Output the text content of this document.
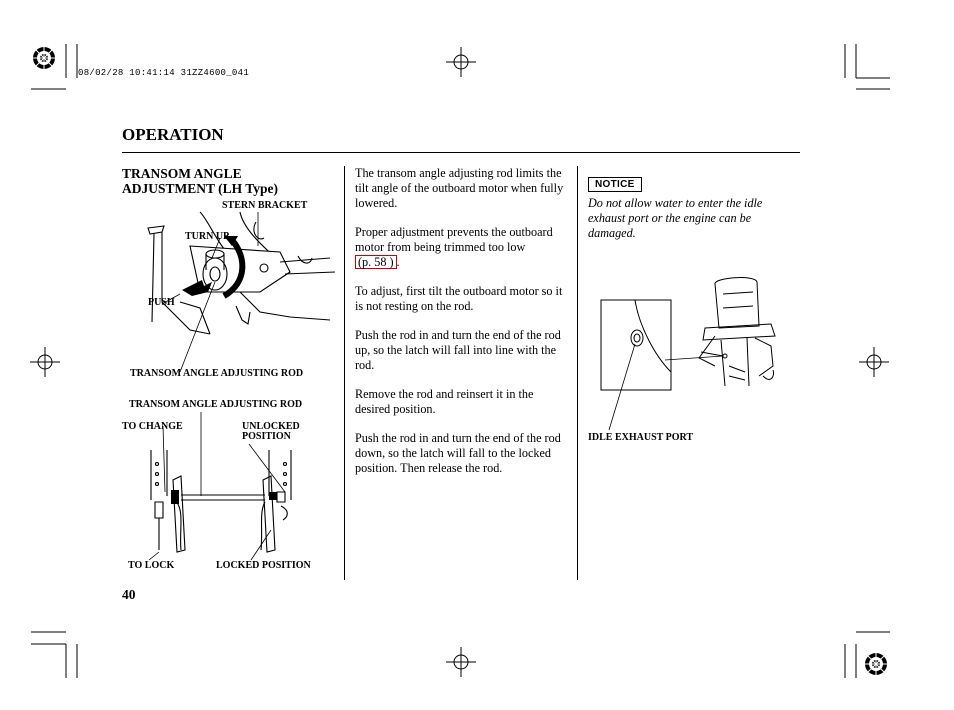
08/02/28 10:41:14 31ZZ4600_041
OPERATION
TRANSOM ANGLE
ADJUSTMENT (LH Type)
STERN BRACKET
TURN UP
PUSH
TRANSOM ANGLE ADJUSTING ROD
TRANSOM ANGLE ADJUSTING ROD
TO CHANGE	UNLOCKED
POSITION
TO LOCK	LOCKED POSITION

The transom angle adjusting rod limits the tilt angle of the outboard motor when fully lowered.

Proper adjustment prevents the outboard motor from being trimmed too low (p. 58 ) .

To adjust, first tilt the outboard motor so it is not resting on the rod.

Push the rod in and turn the end of the rod up, so the latch will fall into line with the rod.

Remove the rod and reinsert it in the desired position.

Push the rod in and turn the end of the rod down, so the latch will fall to the locked position. Then release the rod.

NOTICE
Do not allow water to enter the idle exhaust port or the engine can be damaged.
IDLE EXHAUST PORT
40
